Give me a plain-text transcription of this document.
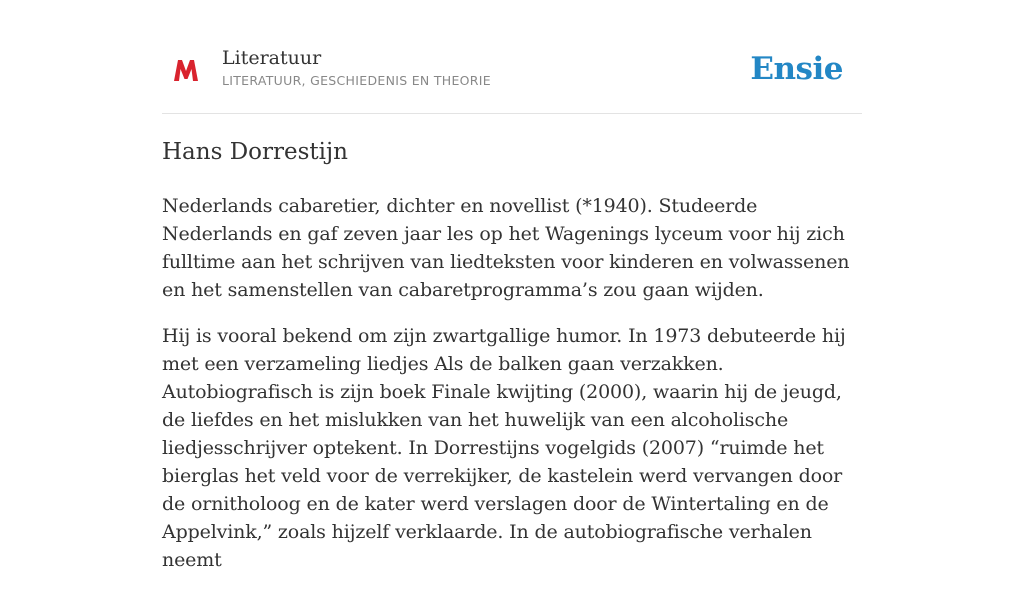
Literatuur
LITERATUUR, GESCHIEDENIS EN THEORIE	Ensie
Hans Dorrestijn

Nederlands cabaretier, dichter en novellist (*1940). Studeerde Nederlands en gaf zeven jaar les op het Wagenings lyceum voor hij zich fulltime aan het schrijven van liedteksten voor kinderen en volwassenen en het samenstellen van cabaretprogramma’s zou gaan wijden.

Hij is vooral bekend om zijn zwartgallige humor. In 1973 debuteerde hij met een verzameling liedjes Als de balken gaan verzakken. Autobiografisch is zijn boek Finale kwijting (2000), waarin hij de jeugd, de liefdes en het mislukken van het huwelijk van een alcoholische liedjesschrijver optekent. In Dorrestijns vogelgids (2007) “ruimde het bierglas het veld voor de verrekijker, de kastelein werd vervangen door de ornitholoog en de kater werd verslagen door de Wintertaling en de Appelvink,” zoals hijzelf verklaarde. In de autobiografische verhalen neemt
